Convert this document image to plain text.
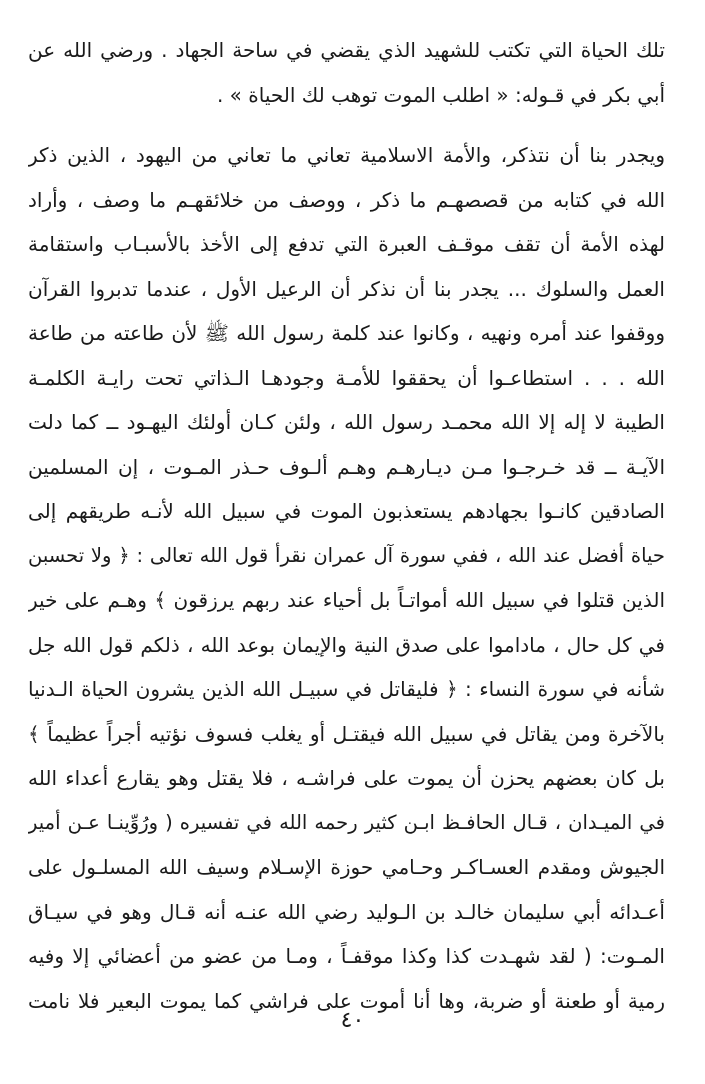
تلك الحياة التي تكتب للشهيد الذي يقضي في ساحة الجهاد . ورضي الله عن
أبي بكر في قـوله: « اطلب الموت توهب لك الحياة » .
ويجدر بنا أن نتذكر، والأمة الاسلامية تعاني ما تعاني من اليهود ، الذين ذكر
الله في كتابه من قصصهـم ما ذكر ، ووصف من خلائقهـم ما وصف ، وأراد
لهذه الأمة أن تقف موقـف العبرة التي تدفع إلى الأخذ بالأسبـاب واستقامة
العمل والسلوك ... يجدر بنا أن نذكر أن الرعيل الأول ، عندما تدبروا القرآن
ووقفوا عند أمره ونهيه ، وكانوا عند كلمة رسول الله ﷺ لأن طاعته من طاعة
الله . . . استطاعـوا أن يحققوا للأمـة وجودهـا الـذاتي تحت رايـة الكلمـة
الطيبة لا إله إلا الله محمـد رسول الله ، ولئن كـان أولئك اليهـود ــ كما دلت
الآيـة ــ قد خـرجـوا مـن ديـارهـم وهـم ألـوف حـذر المـوت ، إن المسلمين
الصادقين كانـوا بجهادهم يستعذبون الموت في سبيل الله لأنـه طريقهم إلى
حياة أفضل عند الله ، ففي سورة آل عمران نقرأ قول الله تعالى : ﴿ ولا تحسبن
الذين قتلوا في سبيل الله أمواتـاً بل أحياء عند ربهم يرزقون ﴾ وهـم على خير
في كل حال ، ماداموا على صدق النية والإيمان بوعد الله ، ذلكم قول الله جل
شأنه في سورة النساء : ﴿ فليقاتل في سبيـل الله الذين يشرون الحياة الـدنيا
بالآخرة ومن يقاتل في سبيل الله فيقتـل أو يغلب فسوف نؤتيه أجراً عظيماً ﴾
بل كان بعضهم يحزن أن يموت على فراشـه ، فلا يقتل وهو يقارع أعداء الله
في الميـدان ، قـال الحافـظ ابـن كثير رحمه الله في تفسيره ( ورُوِّينـا عـن أمير
الجيوش ومقدم العسـاكـر وحـامي حوزة الإسـلام وسيف الله المسلـول على
أعـدائه أبي سليمان خالـد بن الـوليد رضي الله عنـه أنه قـال وهو في سيـاق
المـوت: ( لقد شهـدت كذا وكذا موقفـاً ، ومـا من عضو من أعضائي إلا وفيه
رمية أو طعنة أو ضربة، وها أنا أموت على فراشي كما يموت البعير فلا نامت
٤٠
